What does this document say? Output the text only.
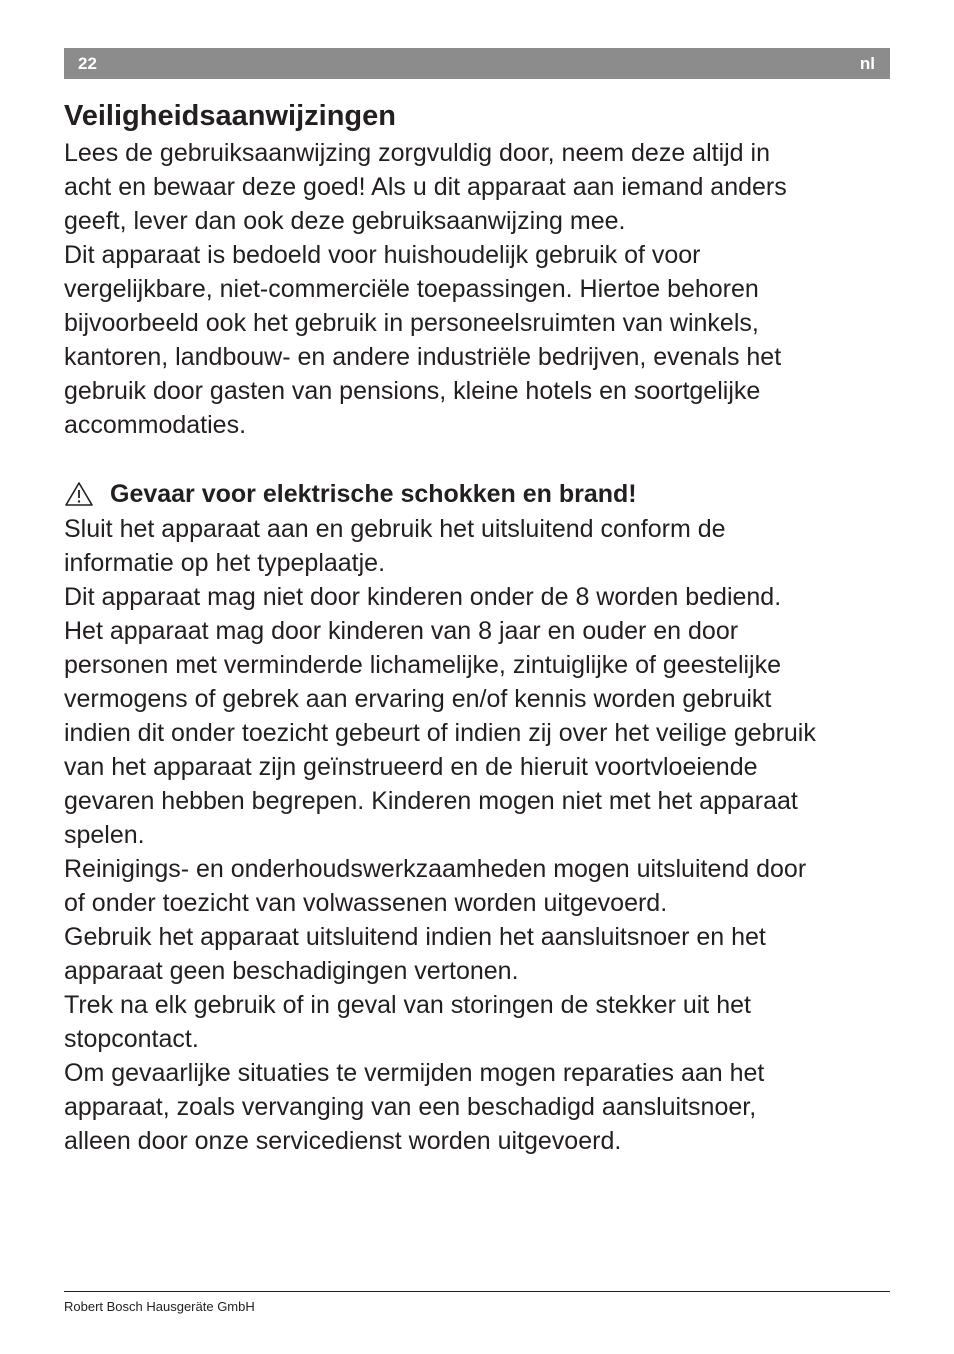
22	nl
Veiligheidsaanwijzingen

Lees de gebruiksaanwijzing zorgvuldig door, neem deze altijd in

acht en bewaar deze goed! Als u dit apparaat aan iemand anders

geeft, lever dan ook deze gebruiksaanwijzing mee.

Dit apparaat is bedoeld voor huishoudelijk gebruik of voor

vergelijkbare, niet-commerciële toepassingen. Hiertoe behoren

bijvoorbeeld ook het gebruik in personeelsruimten van winkels,

kantoren, landbouw- en andere industriële bedrijven, evenals het

gebruik door gasten van pensions, kleine hotels en soortgelijke

accommodaties.

Gevaar voor elektrische schokken en brand!

Sluit het apparaat aan en gebruik het uitsluitend conform de

informatie op het typeplaatje.

Dit apparaat mag niet door kinderen onder de 8 worden bediend.

Het apparaat mag door kinderen van 8 jaar en ouder en door

personen met verminderde lichamelijke, zintuiglijke of geestelijke

vermogens of gebrek aan ervaring en/of kennis worden gebruikt

indien dit onder toezicht gebeurt of indien zij over het veilige gebruik

van het apparaat zijn geïnstrueerd en de hieruit voortvloeiende

gevaren hebben begrepen. Kinderen mogen niet met het apparaat

spelen.

Reinigings- en onderhoudswerkzaamheden mogen uitsluitend door

of onder toezicht van volwassenen worden uitgevoerd.

Gebruik het apparaat uitsluitend indien het aansluitsnoer en het

apparaat geen beschadigingen vertonen.

Trek na elk gebruik of in geval van storingen de stekker uit het

stopcontact.

Om gevaarlijke situaties te vermijden mogen reparaties aan het

apparaat, zoals vervanging van een beschadigd aansluitsnoer,

alleen door onze servicedienst worden uitgevoerd.

Robert Bosch Hausgeräte GmbH
